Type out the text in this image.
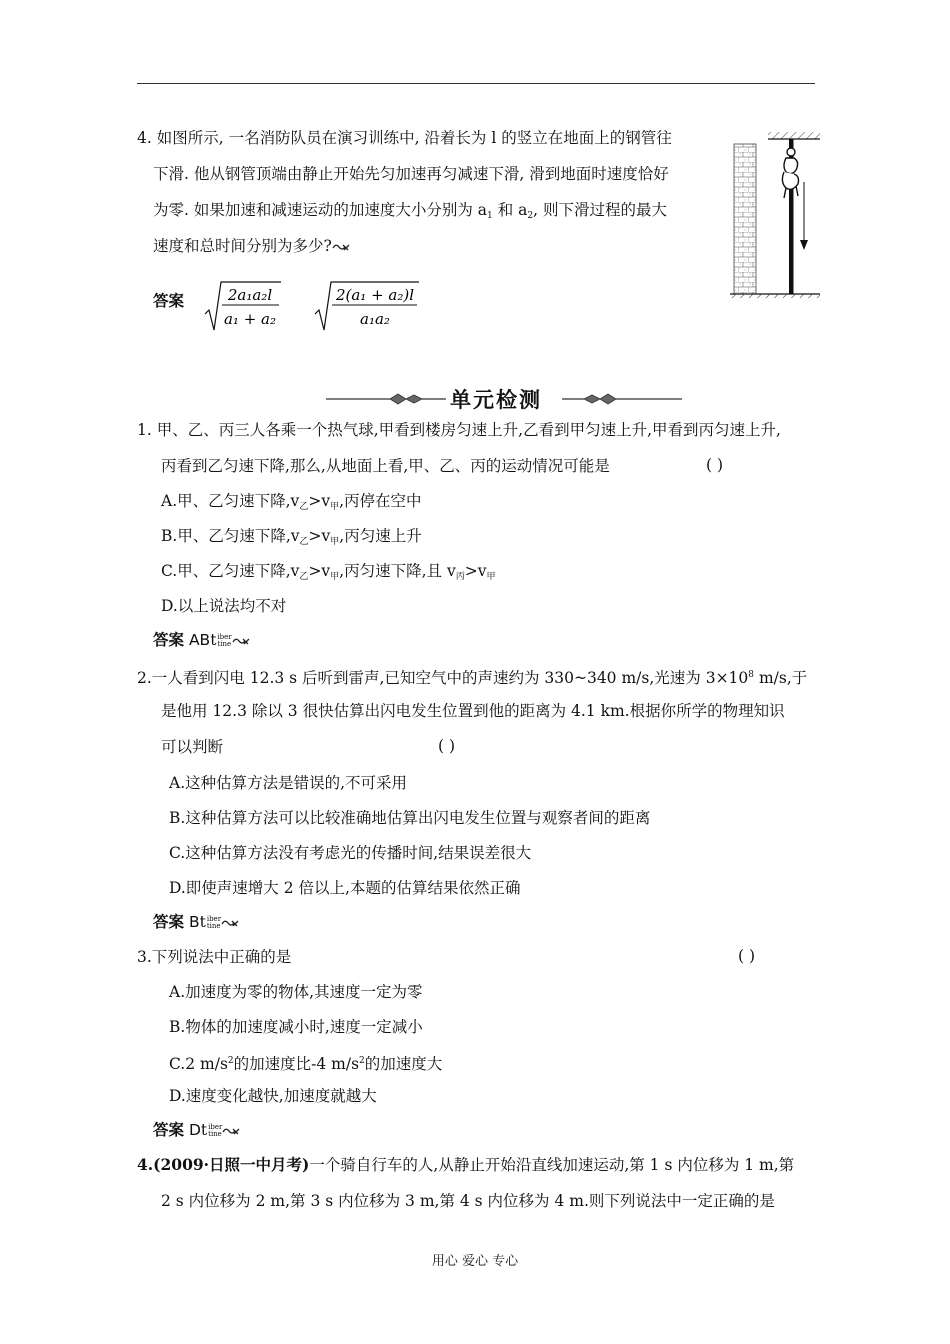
4. 如图所示, 一名消防队员在演习训练中, 沿着长为 l 的竖立在地面上的钢管往
下滑. 他从钢管顶端由静止开始先匀加速再匀减速下滑, 滑到地面时速度恰好
为零. 如果加速和减速运动的加速度大小分别为 $a_1$ 和 $a_2$, 则下滑过程的最大
速度和总时间分别为多少?
答案	2a₁a₂l
a₁ + a₂
2(a₁ + a₂)l
a₁a₂
单元检测
1. 甲、乙、丙三人各乘一个热气球,甲看到楼房匀速上升,乙看到甲匀速上升,甲看到丙匀速上升,
丙看到乙匀速下降,那么,从地面上看,甲、乙、丙的运动情况可能是	( )
A.甲、乙匀速下降$,v_乙>v_甲$,丙停在空中
B.甲、乙匀速下降$,v_乙>v_甲$,丙匀速上升
C.甲、乙匀速下降$,v_乙>v_甲$,丙匀速下降,且 $v_丙>v_甲$
D.以上说法均不对
答案 ABtiber
tine
2.一人看到闪电 12.3 s 后听到雷声,已知空气中的声速约为 330~340 m/s,光速为 $3\times 10^8$ m/s,于
是他用 12.3 除以 3 很快估算出闪电发生位置到他的距离为 4.1 km.根据你所学的物理知识
可以判断	( )
A.这种估算方法是错误的,不可采用
B.这种估算方法可以比较准确地估算出闪电发生位置与观察者间的距离
C.这种估算方法没有考虑光的传播时间,结果误差很大
D.即使声速增大 2 倍以上,本题的估算结果依然正确
答案 Btiber
tine
3.下列说法中正确的是	( )
A.加速度为零的物体,其速度一定为零
B.物体的加速度减小时,速度一定减小
C.2 $m/s^2$的加速度比-4 $m/s^2$的加速度大
D.速度变化越快,加速度就越大
答案 Dtiber
tine
4.(2009·日照一中月考)一个骑自行车的人,从静止开始沿直线加速运动,第 1 s 内位移为 1 m,第
2 s 内位移为 2 m,第 3 s 内位移为 3 m,第 4 s 内位移为 4 m.则下列说法中一定正确的是
用心 爱心 专心
